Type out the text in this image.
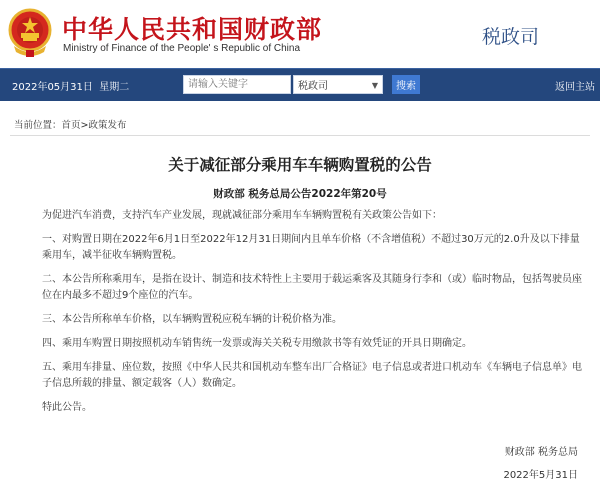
中华人民共和国财政部
Ministry of Finance of the People' s Republic of China
税政司
2022年05月31日 星期二
请输入关键字	税政司	▼	搜索	返回主站
当前位置：首页>政策发布
关于减征部分乘用车车辆购置税的公告
财政部 税务总局公告2022年第20号
为促进汽车消费，支持汽车产业发展，现就减征部分乘用车车辆购置税有关政策公告如下：
一、对购置日期在2022年6月1日至2022年12月31日期间内且单车价格（不含增值税）不超过30万元的2.0升及以下排量乘用车，减半征收车辆购置税。
二、本公告所称乘用车，是指在设计、制造和技术特性上主要用于载运乘客及其随身行李和（或）临时物品，包括驾驶员座位在内最多不超过9个座位的汽车。
三、本公告所称单车价格，以车辆购置税应税车辆的计税价格为准。
四、乘用车购置日期按照机动车销售统一发票或海关关税专用缴款书等有效凭证的开具日期确定。
五、乘用车排量、座位数，按照《中华人民共和国机动车整车出厂合格证》电子信息或者进口机动车《车辆电子信息单》电子信息所载的排量、额定载客（人）数确定。
特此公告。
财政部 税务总局
2022年5月31日
